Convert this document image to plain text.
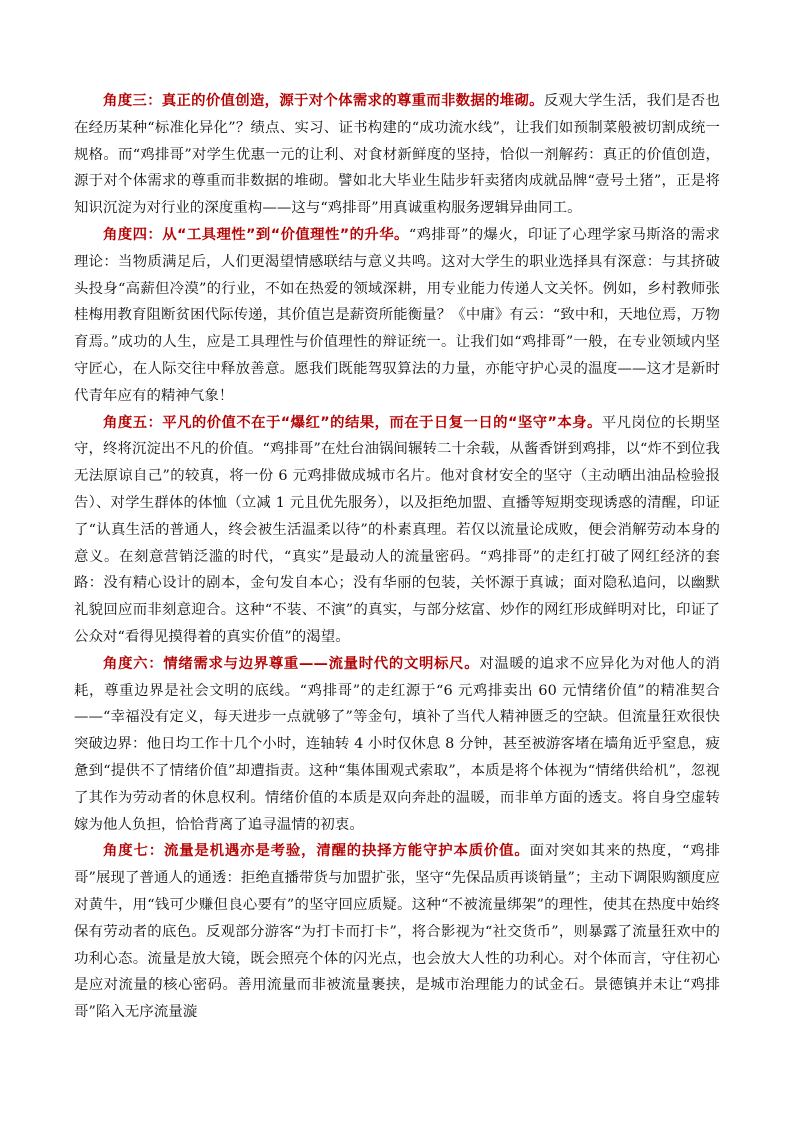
角度三：真正的价值创造，源于对个体需求的尊重而非数据的堆砌。反观大学生活，我们是否也在经历某种“标准化异化”？绩点、实习、证书构建的“成功流水线”，让我们如预制菜般被切割成统一规格。而“鸡排哥”对学生优惠一元的让利、对食材新鲜度的坚持，恰似一剂解药：真正的价值创造，源于对个体需求的尊重而非数据的堆砌。譬如北大毕业生陆步轩卖猪肉成就品牌“壹号土猪”，正是将知识沉淀为对行业的深度重构——这与“鸡排哥”用真诚重构服务逻辑异曲同工。

角度四：从“工具理性”到“价值理性”的升华。“鸡排哥”的爆火，印证了心理学家马斯洛的需求理论：当物质满足后，人们更渴望情感联结与意义共鸣。这对大学生的职业选择具有深意：与其挤破头投身“高薪但冷漠”的行业，不如在热爱的领域深耕，用专业能力传递人文关怀。例如，乡村教师张桂梅用教育阻断贫困代际传递，其价值岂是薪资所能衡量？《中庸》有云：“致中和，天地位焉，万物育焉。”成功的人生，应是工具理性与价值理性的辩证统一。让我们如“鸡排哥”一般，在专业领域内坚守匠心，在人际交往中释放善意。愿我们既能驾驭算法的力量，亦能守护心灵的温度——这才是新时代青年应有的精神气象！

角度五：平凡的价值不在于“爆红”的结果，而在于日复一日的“坚守”本身。平凡岗位的长期坚守，终将沉淀出不凡的价值。“鸡排哥”在灶台油锅间辗转二十余载，从酱香饼到鸡排，以“炸不到位我无法原谅自己”的较真，将一份 6 元鸡排做成城市名片。他对食材安全的坚守（主动晒出油品检验报告）、对学生群体的体恤（立减 1 元且优先服务），以及拒绝加盟、直播等短期变现诱惑的清醒，印证了“认真生活的普通人，终会被生活温柔以待”的朴素真理。若仅以流量论成败，便会消解劳动本身的意义。在刻意营销泛滥的时代，“真实”是最动人的流量密码。“鸡排哥”的走红打破了网红经济的套路：没有精心设计的剧本，金句发自本心；没有华丽的包装，关怀源于真诚；面对隐私追问，以幽默礼貌回应而非刻意迎合。这种“不装、不演”的真实，与部分炫富、炒作的网红形成鲜明对比，印证了公众对“看得见摸得着的真实价值”的渴望。

角度六：情绪需求与边界尊重——流量时代的文明标尺。对温暖的追求不应异化为对他人的消耗，尊重边界是社会文明的底线。“鸡排哥”的走红源于“6 元鸡排卖出 60 元情绪价值”的精准契合——“幸福没有定义，每天进步一点就够了”等金句，填补了当代人精神匮乏的空缺。但流量狂欢很快突破边界：他日均工作十几个小时，连轴转 4 小时仅休息 8 分钟，甚至被游客堵在墙角近乎窒息，疲惫到“提供不了情绪价值”却遭指责。这种“集体围观式索取”，本质是将个体视为“情绪供给机”，忽视了其作为劳动者的休息权利。情绪价值的本质是双向奔赴的温暖，而非单方面的透支。将自身空虚转嫁为他人负担，恰恰背离了追寻温情的初衷。

角度七：流量是机遇亦是考验，清醒的抉择方能守护本质价值。面对突如其来的热度，“鸡排哥”展现了普通人的通透：拒绝直播带货与加盟扩张，坚守“先保品质再谈销量”；主动下调限购额度应对黄牛，用“钱可少赚但良心要有”的坚守回应质疑。这种“不被流量绑架”的理性，使其在热度中始终保有劳动者的底色。反观部分游客“为打卡而打卡”，将合影视为“社交货币”，则暴露了流量狂欢中的功利心态。流量是放大镜，既会照亮个体的闪光点，也会放大人性的功利心。对个体而言，守住初心是应对流量的核心密码。善用流量而非被流量裹挟，是城市治理能力的试金石。景德镇并未让“鸡排哥”陷入无序流量漩
